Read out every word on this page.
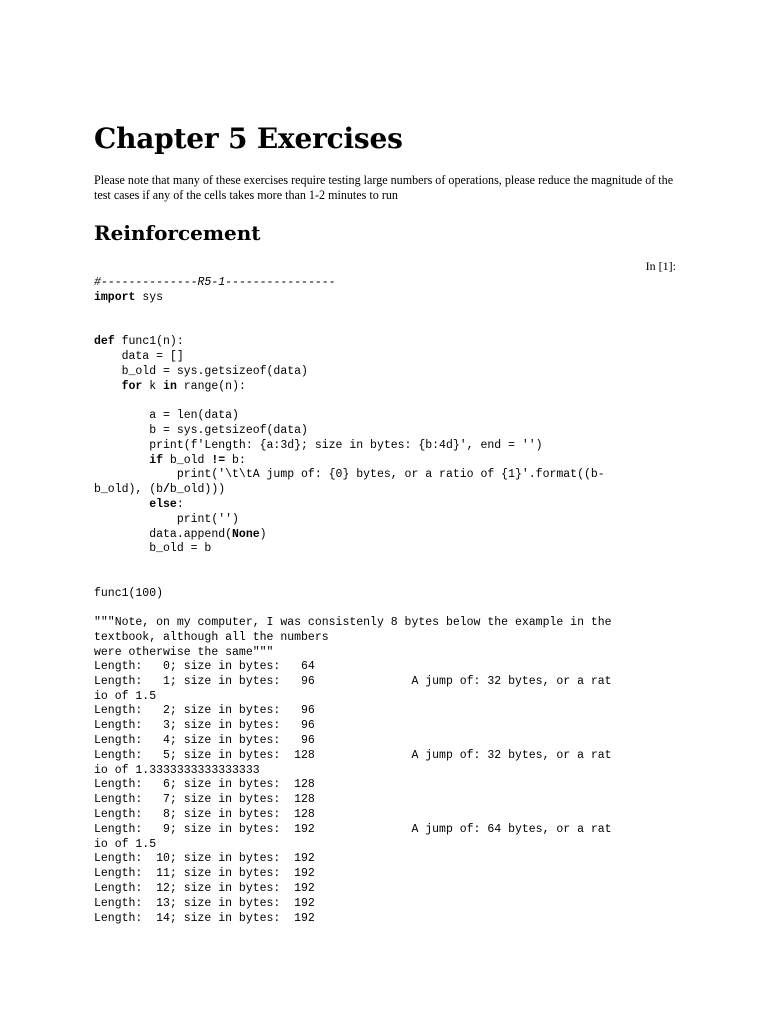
Chapter 5 Exercises

Please note that many of these exercises require testing large numbers of operations, please reduce the magnitude of the test cases if any of the cells takes more than 1-2 minutes to run

Reinforcement
In [1]:
#--------------R5-1----------------
import sys
def func1(n):
data = []
b_old = sys.getsizeof(data)
for k in range(n):
a = len(data)
b = sys.getsizeof(data)
print(f'Length: {a:3d}; size in bytes: {b:4d}', end = '')
if b_old != b:
print('\t\tA jump of: {0} bytes, or a ratio of {1}'.format((b-
b_old), (b/b_old)))
else:
print('')
data.append(None)
b_old = b
func1(100)
"""Note, on my computer, I was consistenly 8 bytes below the example in the
textbook, although all the numbers
were otherwise the same"""
Length:   0; size in bytes:   64
Length:   1; size in bytes:   96              A jump of: 32 bytes, or a rat
io of 1.5
Length:   2; size in bytes:   96
Length:   3; size in bytes:   96
Length:   4; size in bytes:   96
Length:   5; size in bytes:  128              A jump of: 32 bytes, or a rat
io of 1.3333333333333333
Length:   6; size in bytes:  128
Length:   7; size in bytes:  128
Length:   8; size in bytes:  128
Length:   9; size in bytes:  192              A jump of: 64 bytes, or a rat
io of 1.5
Length:  10; size in bytes:  192
Length:  11; size in bytes:  192
Length:  12; size in bytes:  192
Length:  13; size in bytes:  192
Length:  14; size in bytes:  192
